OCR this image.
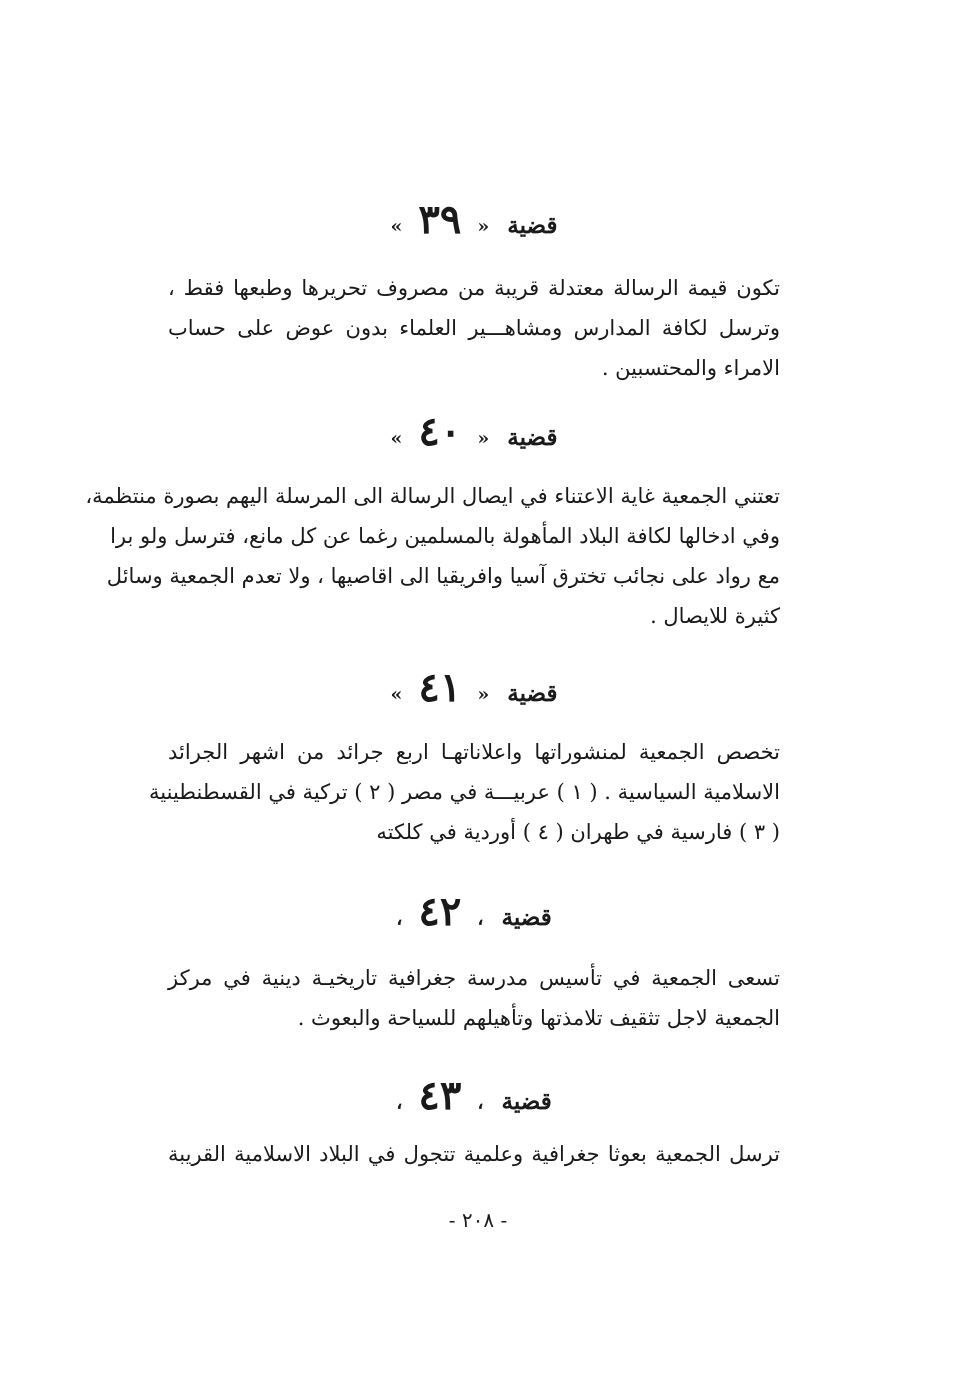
قضية « ٣٩ »
تكون قيمة الرسالة معتدلة قريبة من مصروف تحريرها وطبعها فقط ،
وترسل لكافة المدارس ومشاهـــير العلماء بدون عوض على حساب
الامراء والمحتسبين .
قضية « ٤٠ »
تعتني الجمعية غاية الاعتناء في ايصال الرسالة الى المرسلة اليهم بصورة منتظمة،
وفي ادخالها لكافة البلاد المأهولة بالمسلمين رغما عن كل مانع، فترسل ولو برا
مع رواد على نجائب تخترق آسيا وافريقيا الى اقاصيها ، ولا تعدم الجمعية وسائل
كثيرة للايصال .
قضية « ٤١ »
تخصص الجمعية لمنشوراتها واعلاناتهـا اربع جرائد من اشهر الجرائد
الاسلامية السياسية . ( ١ ) عربيـــة في مصر ( ٢ ) تركية في القسطنطينية
( ٣ ) فارسية في طهران ( ٤ ) أوردية في كلكته
قضية ، ٤٢ ،
تسعى الجمعية في تأسيس مدرسة جغرافية تاريخيـة دينية في مركز
الجمعية لاجل تثقيف تلامذتها وتأهيلهم للسياحة والبعوث .
قضية ، ٤٣ ،
ترسل الجمعية بعوثا جغرافية وعلمية تتجول في البلاد الاسلامية القريبة
- ٢٠٨ -
